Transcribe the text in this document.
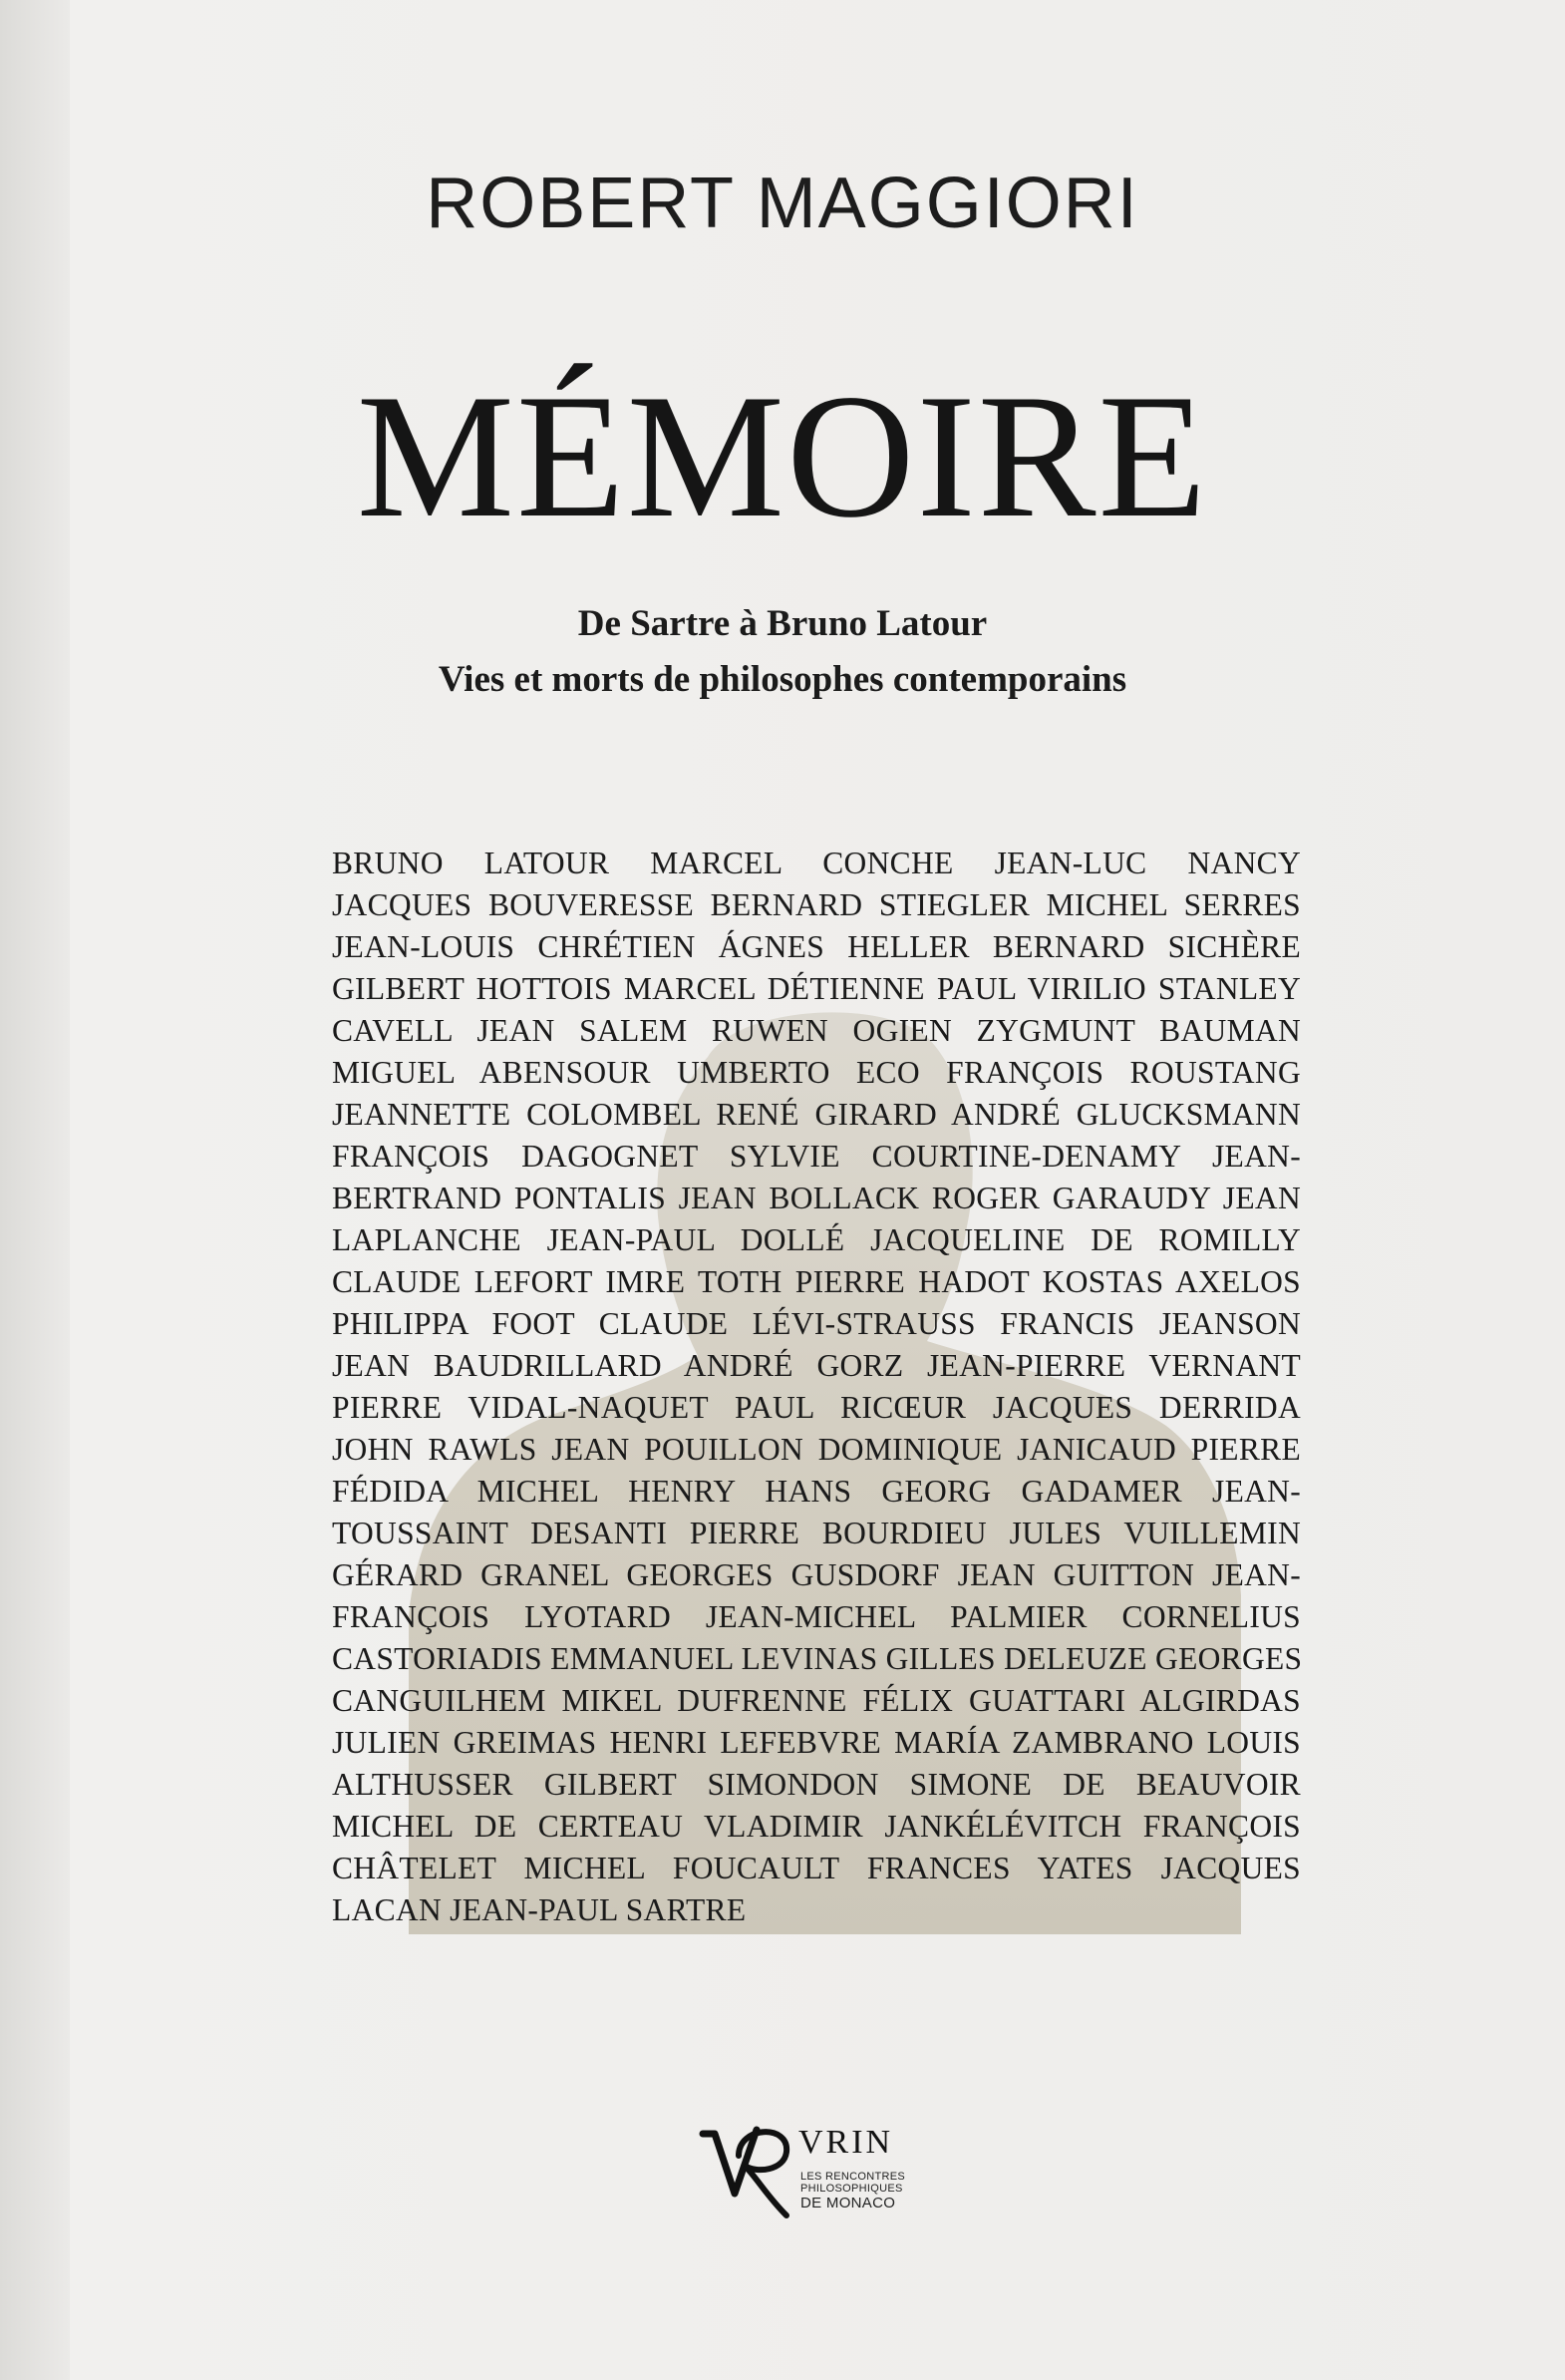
ROBERT MAGGIORI
MÉMOIRE
De Sartre à Bruno Latour
Vies et morts de philosophes contemporains
BRUNO LATOUR MARCEL CONCHE JEAN-LUC NANCY
JACQUES BOUVERESSE BERNARD STIEGLER MICHEL SERRES
JEAN-LOUIS CHRÉTIEN ÁGNES HELLER BERNARD SICHÈRE
GILBERT HOTTOIS MARCEL DÉTIENNE PAUL VIRILIO STANLEY
CAVELL JEAN SALEM RUWEN OGIEN ZYGMUNT BAUMAN
MIGUEL ABENSOUR UMBERTO ECO FRANÇOIS ROUSTANG
JEANNETTE COLOMBEL RENÉ GIRARD ANDRÉ GLUCKSMANN
FRANÇOIS DAGOGNET SYLVIE COURTINE-DENAMY JEAN-
BERTRAND PONTALIS JEAN BOLLACK ROGER GARAUDY JEAN
LAPLANCHE JEAN-PAUL DOLLÉ JACQUELINE DE ROMILLY
CLAUDE LEFORT IMRE TOTH PIERRE HADOT KOSTAS AXELOS
PHILIPPA FOOT CLAUDE LÉVI-STRAUSS FRANCIS JEANSON
JEAN BAUDRILLARD ANDRÉ GORZ JEAN-PIERRE VERNANT
PIERRE VIDAL-NAQUET PAUL RICŒUR JACQUES DERRIDA
JOHN RAWLS JEAN POUILLON DOMINIQUE JANICAUD PIERRE
FÉDIDA MICHEL HENRY HANS GEORG GADAMER JEAN-
TOUSSAINT DESANTI PIERRE BOURDIEU JULES VUILLEMIN
GÉRARD GRANEL GEORGES GUSDORF JEAN GUITTON JEAN-
FRANÇOIS LYOTARD JEAN-MICHEL PALMIER CORNELIUS
CASTORIADIS EMMANUEL LEVINAS GILLES DELEUZE GEORGES
CANGUILHEM MIKEL DUFRENNE FÉLIX GUATTARI ALGIRDAS
JULIEN GREIMAS HENRI LEFEBVRE MARÍA ZAMBRANO LOUIS
ALTHUSSER GILBERT SIMONDON SIMONE DE BEAUVOIR
MICHEL DE CERTEAU VLADIMIR JANKÉLÉVITCH FRANÇOIS
CHÂTELET MICHEL FOUCAULT FRANCES YATES JACQUES
LACAN JEAN-PAUL SARTRE
VRIN
LES RENCONTRES
PHILOSOPHIQUES
DE MONACO
